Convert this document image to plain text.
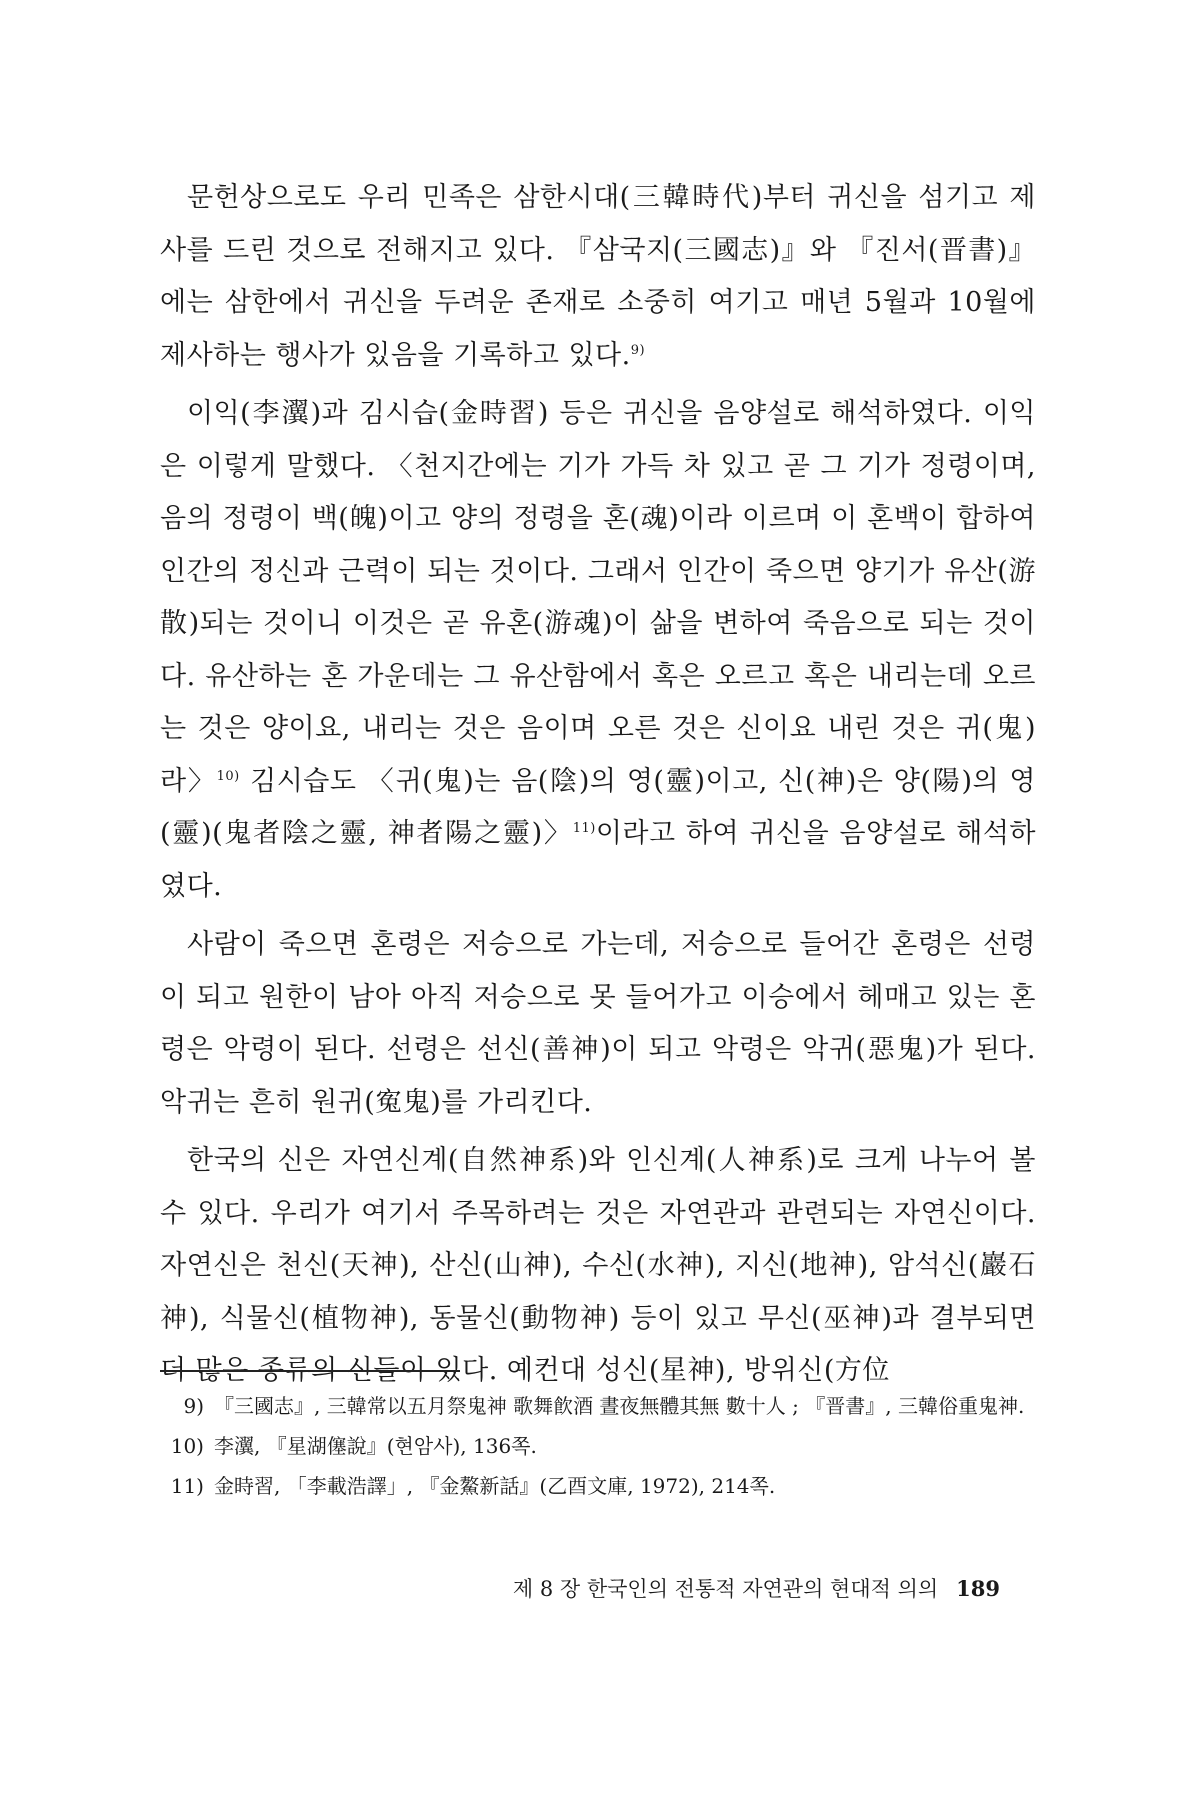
문헌상으로도 우리 민족은 삼한시대(三韓時代)부터 귀신을 섬기고 제사를 드린 것으로 전해지고 있다. 『삼국지(三國志)』와 『진서(晋書)』에는 삼한에서 귀신을 두려운 존재로 소중히 여기고 매년 5월과 10월에 제사하는 행사가 있음을 기록하고 있다.$^{9)}$

이익(李瀷)과 김시습(金時習) 등은 귀신을 음양설로 해석하였다. 이익은 이렇게 말했다. 〈천지간에는 기가 가득 차 있고 곧 그 기가 정령이며, 음의 정령이 백(魄)이고 양의 정령을 혼(魂)이라 이르며 이 혼백이 합하여 인간의 정신과 근력이 되는 것이다. 그래서 인간이 죽으면 양기가 유산(游散)되는 것이니 이것은 곧 유혼(游魂)이 삶을 변하여 죽음으로 되는 것이다. 유산하는 혼 가운데는 그 유산함에서 혹은 오르고 혹은 내리는데 오르는 것은 양이요, 내리는 것은 음이며 오른 것은 신이요 내린 것은 귀(鬼)라〉$^{10)}$ 김시습도 〈귀(鬼)는 음(陰)의 영(靈)이고, 신(神)은 양(陽)의 영(靈)(鬼者陰之靈, 神者陽之靈)〉$^{11)}$이라고 하여 귀신을 음양설로 해석하였다.

사람이 죽으면 혼령은 저승으로 가는데, 저승으로 들어간 혼령은 선령이 되고 원한이 남아 아직 저승으로 못 들어가고 이승에서 헤매고 있는 혼령은 악령이 된다. 선령은 선신(善神)이 되고 악령은 악귀(惡鬼)가 된다. 악귀는 흔히 원귀(寃鬼)를 가리킨다.

한국의 신은 자연신계(自然神系)와 인신계(人神系)로 크게 나누어 볼 수 있다. 우리가 여기서 주목하려는 것은 자연관과 관련되는 자연신이다. 자연신은 천신(天神), 산신(山神), 수신(水神), 지신(地神), 암석신(巖石神), 식물신(植物神), 동물신(動物神) 등이 있고 무신(巫神)과 결부되면 더 많은 종류의 신들이 있다. 예컨대 성신(星神), 방위신(方位

9) 『三國志』, 三韓常以五月祭鬼神 歌舞飮酒 晝夜無體其無 數十人 ; 『晋書』, 三韓俗重鬼神.
10) 李瀷, 『星湖僿說』(현암사), 136쪽.
11) 金時習, 「李載浩譯」, 『金鰲新話』(乙酉文庫, 1972), 214쪽.
제 8 장 한국인의 전통적 자연관의 현대적 의의 189
